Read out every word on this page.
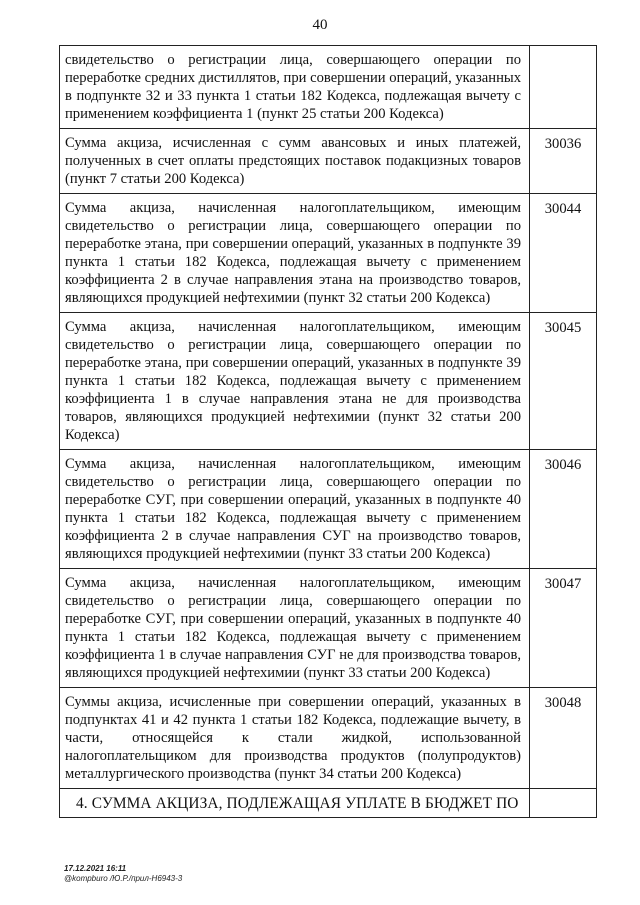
40
свидетельство о регистрации лица, совершающего операции по переработке средних дистиллятов, при совершении операций, указанных в подпункте 32 и 33 пункта 1 статьи 182 Кодекса, подлежащая вычету с применением коэффициента 1 (пункт 25 статьи 200 Кодекса)	
Сумма акциза, исчисленная с сумм авансовых и иных платежей, полученных в счет оплаты предстоящих поставок подакцизных товаров (пункт 7 статьи 200 Кодекса)	30036
Сумма акциза, начисленная налогоплательщиком, имеющим свидетельство о регистрации лица, совершающего операции по переработке этана, при совершении операций, указанных в подпункте 39 пункта 1 статьи 182 Кодекса, подлежащая вычету с применением коэффициента 2 в случае направления этана на производство товаров, являющихся продукцией нефтехимии (пункт 32 статьи 200 Кодекса)	30044
Сумма акциза, начисленная налогоплательщиком, имеющим свидетельство о регистрации лица, совершающего операции по переработке этана, при совершении операций, указанных в подпункте 39 пункта 1 статьи 182 Кодекса, подлежащая вычету с применением коэффициента 1 в случае направления этана не для производства товаров, являющихся продукцией нефтехимии (пункт 32 статьи 200 Кодекса)	30045
Сумма акциза, начисленная налогоплательщиком, имеющим свидетельство о регистрации лица, совершающего операции по переработке СУГ, при совершении операций, указанных в подпункте 40 пункта 1 статьи 182 Кодекса, подлежащая вычету с применением коэффициента 2 в случае направления СУГ на производство товаров, являющихся продукцией нефтехимии (пункт 33 статьи 200 Кодекса)	30046
Сумма акциза, начисленная налогоплательщиком, имеющим свидетельство о регистрации лица, совершающего операции по переработке СУГ, при совершении операций, указанных в подпункте 40 пункта 1 статьи 182 Кодекса, подлежащая вычету с применением коэффициента 1 в случае направления СУГ не для производства товаров, являющихся продукцией нефтехимии (пункт 33 статьи 200 Кодекса)	30047
Суммы акциза, исчисленные при совершении операций, указанных в подпунктах 41 и 42 пункта 1 статьи 182 Кодекса, подлежащие вычету, в части, относящейся к стали жидкой, использованной налогоплательщиком для производства продуктов (полупродуктов) металлургического производства (пункт 34 статьи 200 Кодекса)	30048
4. СУММА АКЦИЗА, ПОДЛЕЖАЩАЯ УПЛАТЕ В БЮДЖЕТ ПО	
17.12.2021 16:11
@kompburo /Ю.Р./прил-Н6943-3
